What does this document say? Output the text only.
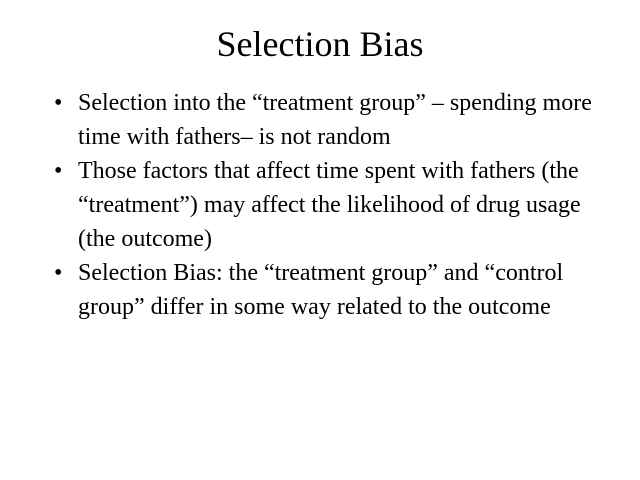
Selection Bias
• Selection into the “treatment group” – spending more time with fathers– is not random
• Those factors that affect time spent with fathers (the “treatment”) may affect the likelihood of drug usage (the outcome)
• Selection Bias: the “treatment group” and “control group” differ in some way related to the outcome
